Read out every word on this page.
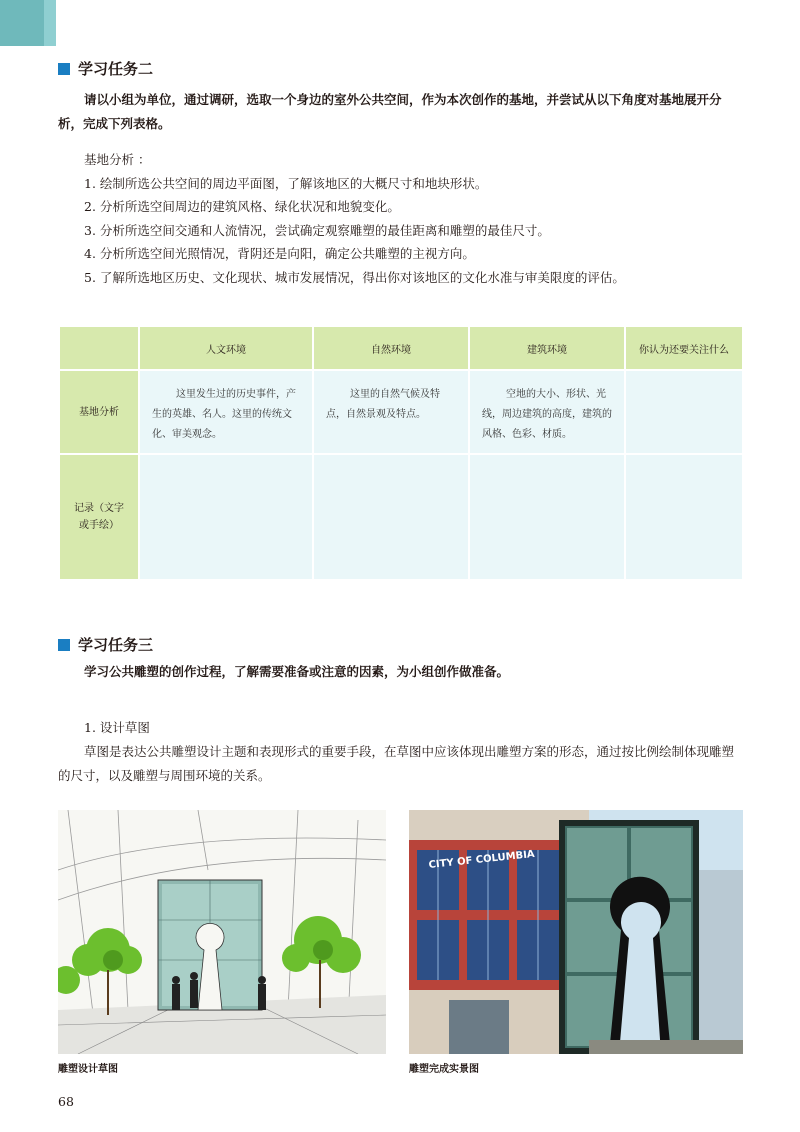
学习任务二
请以小组为单位，通过调研，选取一个身边的室外公共空间，作为本次创作的基地，并尝试从以下角度对基地展开分析，完成下列表格。
基地分析 ：
1. 绘制所选公共空间的周边平面图，了解该地区的大概尺寸和地块形状。
2. 分析所选空间周边的建筑风格、绿化状况和地貌变化。
3. 分析所选空间交通和人流情况，尝试确定观察雕塑的最佳距离和雕塑的最佳尺寸。
4. 分析所选空间光照情况，背阴还是向阳，确定公共雕塑的主视方向。
5. 了解所选地区历史、文化现状、城市发展情况，得出你对该地区的文化水准与审美限度的评估。
	人文环境	自然环境	建筑环境	你认为还要关注什么
基地分析	这里发生过的历史事件，产生的英雄、名人。这里的传统文化、审美观念。	这里的自然气候及特点，自然景观及特点。	空地的大小、形状、光线，周边建筑的高度，建筑的风格、色彩、材质。	

记录（文字
或手绘）				
学习任务三
学习公共雕塑的创作过程，了解需要准备或注意的因素，为小组创作做准备。
1. 设计草图
草图是表达公共雕塑设计主题和表现形式的重要手段，在草图中应该体现出雕塑方案的形态，通过按比例绘制体现雕塑的尺寸，以及雕塑与周围环境的关系。
CITY OF COLUMBIA
雕塑设计草图	雕塑完成实景图
68
